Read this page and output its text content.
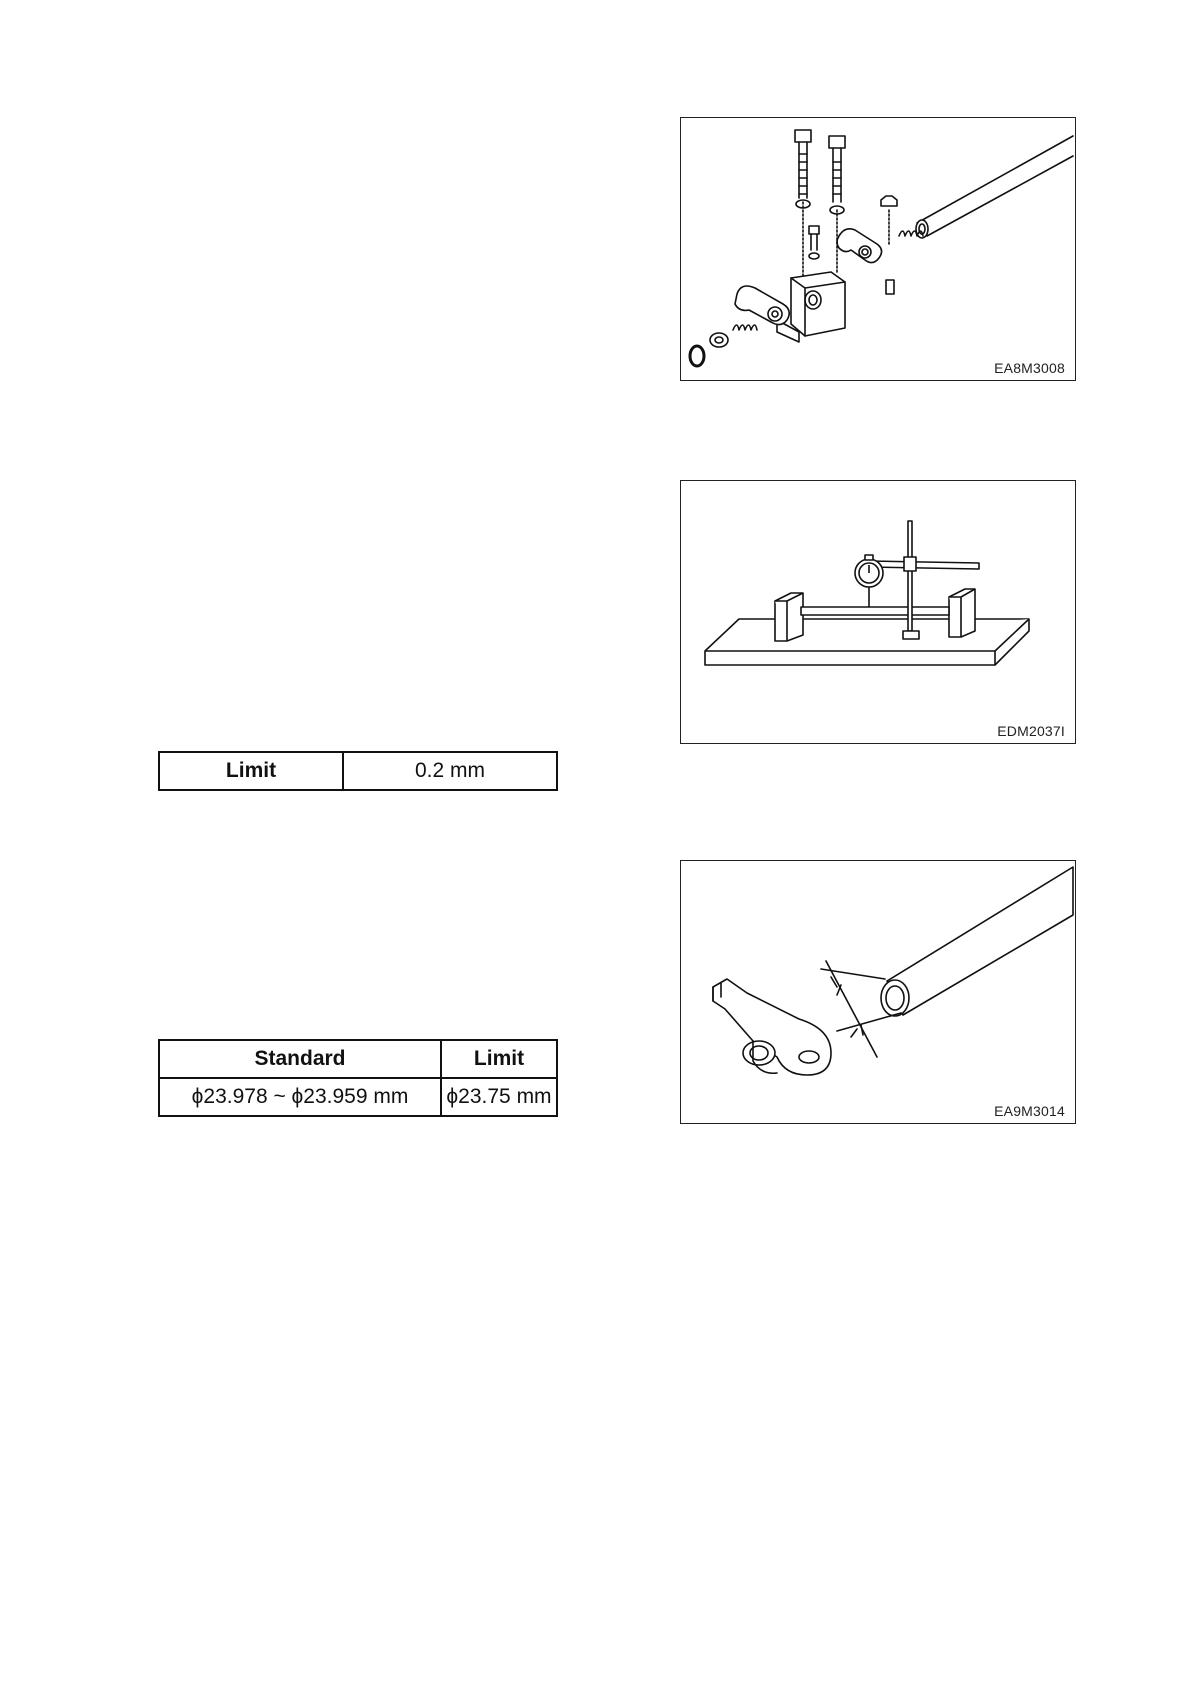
EA8M3008
EDM2037I
EA9M3014
Limit	0.2 mm
Standard	Limit
ϕ23.978 ~ ϕ23.959 mm	ϕ23.75 mm
